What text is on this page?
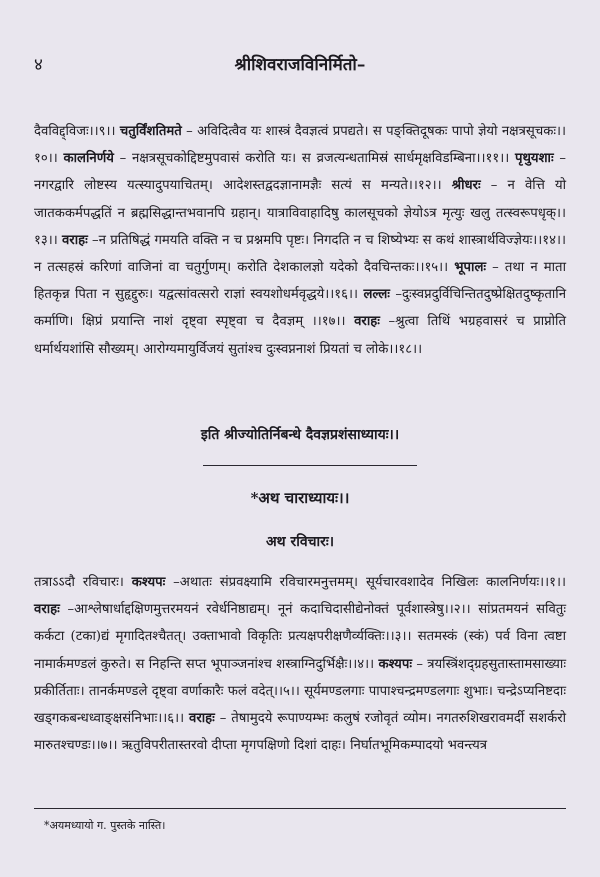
४	श्रीशिवराजविनिर्मितो–

दैवविद्द्विजः।।९।। चतुर्विंशतिमते – अविदित्वैव यः शास्त्रं दैवज्ञत्वं प्रपद्यते। स पङ्क्तिदूषकः पापो ज्ञेयो नक्षत्रसूचकः।।१०।। कालनिर्णये – नक्षत्रसूचकोद्दिष्टमुपवासं करोति यः। स व्रजत्यन्धतामिस्रं सार्धमृक्षविडम्बिना।।११।। पृथुयशाः – नगरद्वारि लोष्टस्य यत्स्यादुपयाचितम्। आदेशस्तद्वदज्ञानामज्ञैः सत्यं स मन्यते।।१२।। श्रीधरः – न वेत्ति यो जातककर्मपद्धतिं न ब्रह्मसिद्धान्तभवानपि ग्रहान्। यात्राविवाहादिषु कालसूचको ज्ञेयोऽत्र मृत्युः खलु तत्स्वरूपधृक्।।१३।। वराहः –न प्रतिषिद्धं गमयति वक्ति न च प्रश्नमपि पृष्टः। निगदति न च शिष्येभ्यः स कथं शास्त्रार्थविज्ज्ञेयः।।१४।। न तत्सहस्रं करिणां वाजिनां वा चतुर्गुणम्। करोति देशकालज्ञो यदेको दैवचिन्तकः।।१५।। भूपालः – तथा न माता हितकृन्न पिता न सुहृद्दुरुः। यद्वत्सांवत्सरो राज्ञां स्वयशोधर्मवृद्धये।।१६।। लल्लः –दुःस्वप्नदुर्विचिन्तितदुष्प्रेक्षितदुष्कृतानि कर्माणि। क्षिप्रं प्रयान्ति नाशं दृष्ट्वा स्पृष्ट्वा च दैवज्ञम् ।।१७।। वराहः –श्रुत्वा तिथिं भग्रहवासरं च प्राप्नोति धर्मार्थयशांसि सौख्यम्। आरोग्यमायुर्विजयं सुतांश्च दुःस्वप्ननाशं प्रियतां च लोके।।१८।।

इति श्रीज्योतिर्निबन्धे दैवज्ञप्रशंसाध्यायः।।
*अथ चाराध्यायः।।
अथ रविचारः।

तत्राऽऽदौ रविचारः। कश्यपः –अथातः संप्रवक्ष्यामि रविचारमनुत्तमम्। सूर्यचारवशादेव निखिलः कालनिर्णयः।।१।। वराहः –आश्लेषार्धाद्दक्षिणमुत्तरमयनं रवेर्धनिष्ठाद्यम्। नूनं कदाचिदासीद्येनोक्तं पूर्वशास्त्रेषु।।२।। सांप्रतमयनं सवितुः कर्कटा (टका)द्यं मृगादितश्चैतत्। उक्ताभावो विकृतिः प्रत्यक्षपरीक्षणैर्व्यक्तिः।।३।। सतमस्कं (स्कं) पर्व विना त्वष्टा नामार्कमण्डलं कुरुते। स निहन्ति सप्त भूपाञ्जनांश्च शस्त्राग्निदुर्भिक्षैः।।४।। कश्यपः – त्रयस्त्रिंशद्ग्रहसुतास्तामसाख्याः प्रकीर्तिताः। तानर्कमण्डले दृष्ट्वा वर्णाकारैः फलं वदेत्।।५।। सूर्यमण्डलगाः पापाश्चन्द्रमण्डलगाः शुभाः। चन्द्रेऽप्यनिष्टदाः खड्गकबन्धध्वाङ्क्षसंनिभाः।।६।। वराहः – तेषामुदये रूपाण्यम्भः कलुषं रजोवृतं व्योम। नगतरुशिखरावमर्दी सशर्करो मारुतश्चण्डः।।७।। ऋतुविपरीतास्तरवो दीप्ता मृगपक्षिणो दिशां दाहः। निर्घातभूमिकम्पादयो भवन्त्यत्र

*अयमध्यायो ग. पुस्तके नास्ति।
